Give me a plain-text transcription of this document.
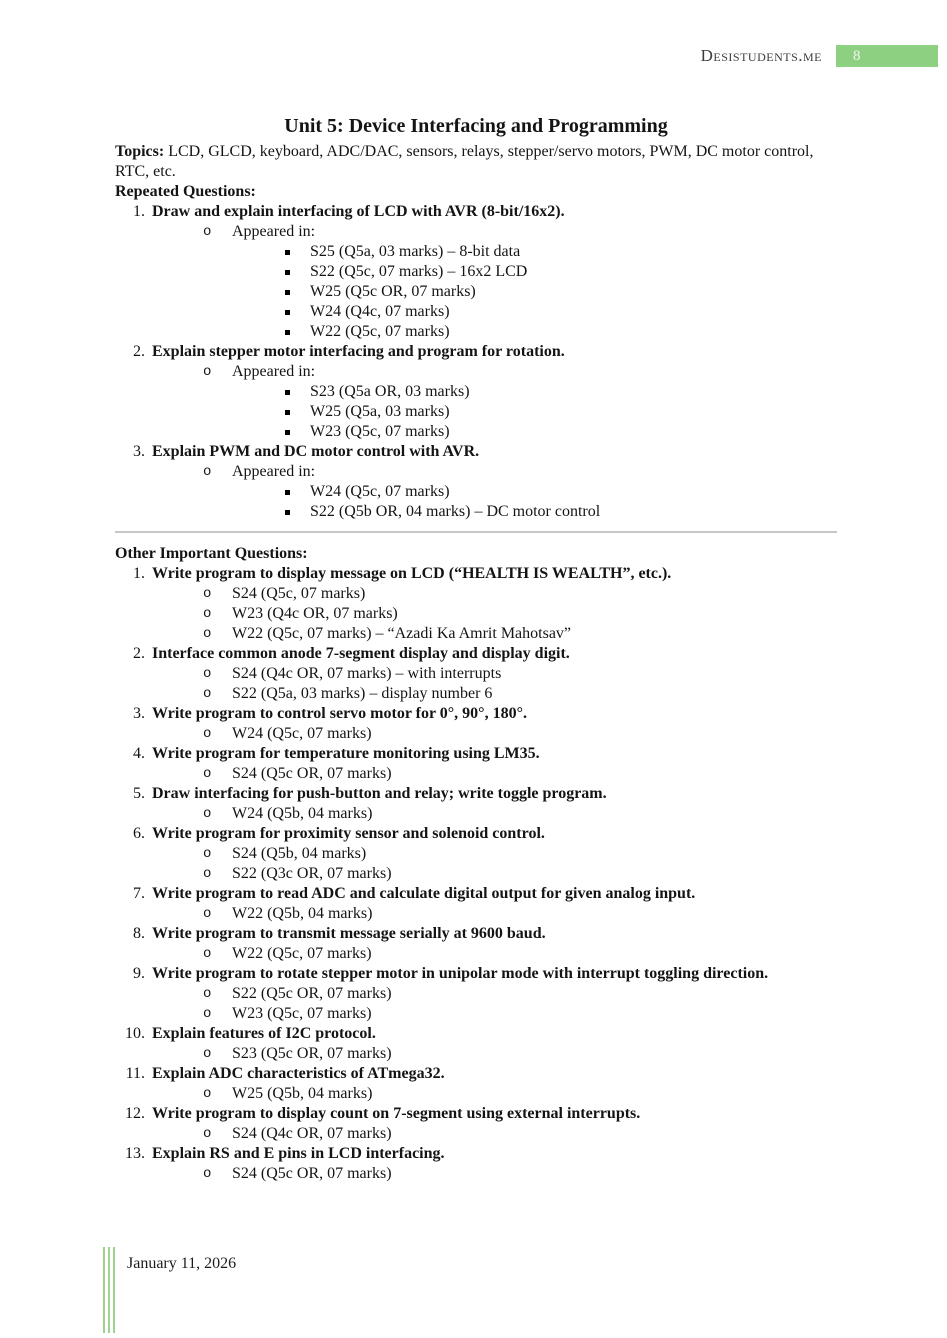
Desistudents.me	8
Unit 5: Device Interfacing and Programming
Topics: LCD, GLCD, keyboard, ADC/DAC, sensors, relays, stepper/servo motors, PWM, DC motor control, RTC, etc.
Repeated Questions:
1. Draw and explain interfacing of LCD with AVR (8-bit/16x2).
o
Appeared in:
S25 (Q5a, 03 marks) – 8-bit data
S22 (Q5c, 07 marks) – 16x2 LCD
W25 (Q5c OR, 07 marks)
W24 (Q4c, 07 marks)
W22 (Q5c, 07 marks)
2. Explain stepper motor interfacing and program for rotation.
o
Appeared in:
S23 (Q5a OR, 03 marks)
W25 (Q5a, 03 marks)
W23 (Q5c, 07 marks)
3. Explain PWM and DC motor control with AVR.
o
Appeared in:
W24 (Q5c, 07 marks)
S22 (Q5b OR, 04 marks) – DC motor control
Other Important Questions:
1. Write program to display message on LCD (“HEALTH IS WEALTH”, etc.).
o
S24 (Q5c, 07 marks)
o
W23 (Q4c OR, 07 marks)
o
W22 (Q5c, 07 marks) – “Azadi Ka Amrit Mahotsav”
2. Interface common anode 7-segment display and display digit.
o
S24 (Q4c OR, 07 marks) – with interrupts
o
S22 (Q5a, 03 marks) – display number 6
3. Write program to control servo motor for 0°, 90°, 180°.
o
W24 (Q5c, 07 marks)
4. Write program for temperature monitoring using LM35.
o
S24 (Q5c OR, 07 marks)
5. Draw interfacing for push-button and relay; write toggle program.
o
W24 (Q5b, 04 marks)
6. Write program for proximity sensor and solenoid control.
o
S24 (Q5b, 04 marks)
o
S22 (Q3c OR, 07 marks)
7. Write program to read ADC and calculate digital output for given analog input.
o
W22 (Q5b, 04 marks)
8. Write program to transmit message serially at 9600 baud.
o
W22 (Q5c, 07 marks)
9. Write program to rotate stepper motor in unipolar mode with interrupt toggling direction.
o
S22 (Q5c OR, 07 marks)
o
W23 (Q5c, 07 marks)
10. Explain features of I2C protocol.
o
S23 (Q5c OR, 07 marks)
11. Explain ADC characteristics of ATmega32.
o
W25 (Q5b, 04 marks)
12. Write program to display count on 7-segment using external interrupts.
o
S24 (Q4c OR, 07 marks)
13. Explain RS and E pins in LCD interfacing.
o
S24 (Q5c OR, 07 marks)
January 11, 2026
